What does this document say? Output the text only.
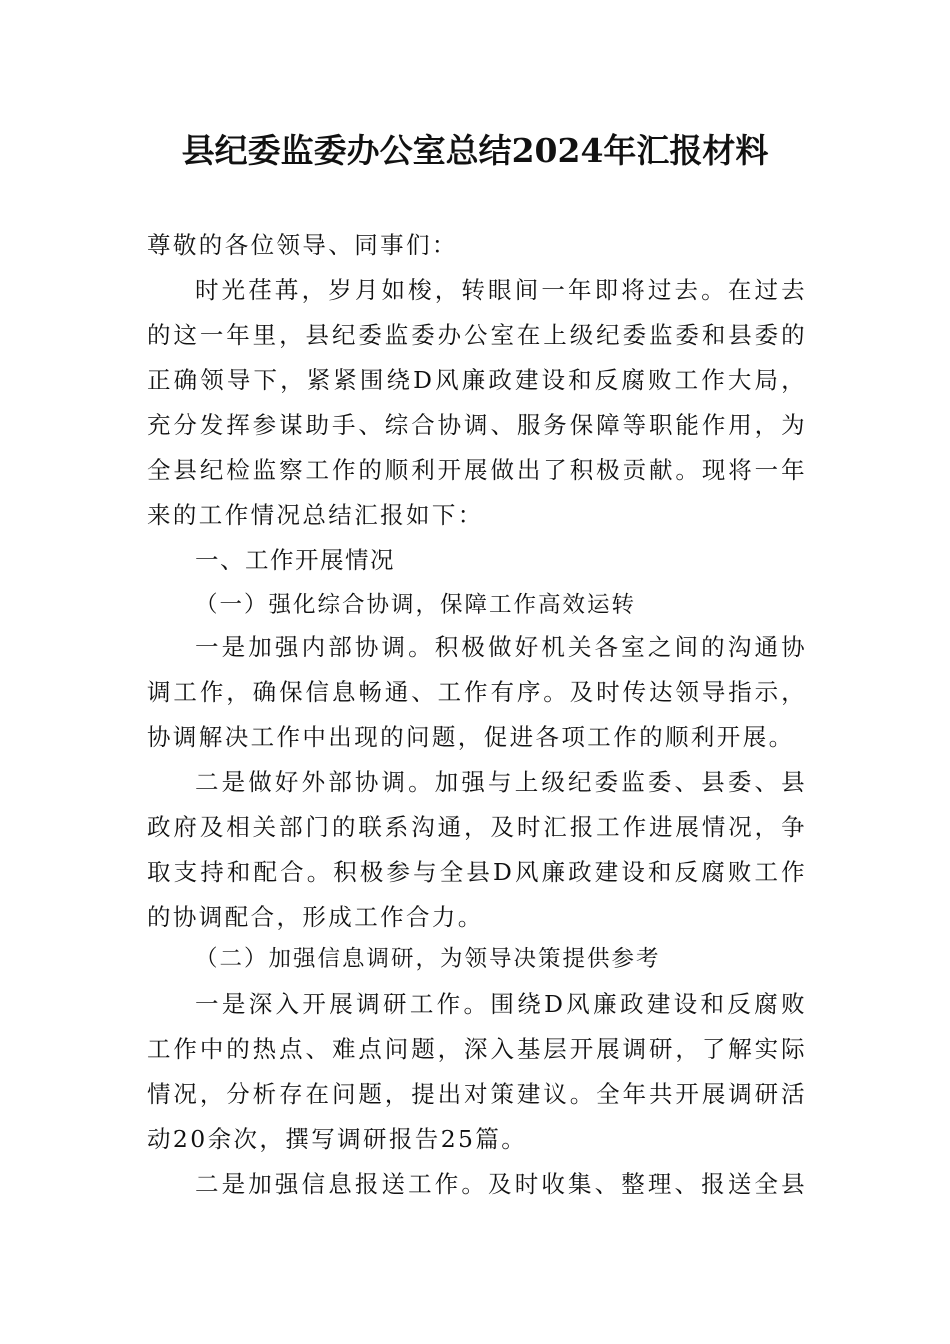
县纪委监委办公室总结2024年汇报材料
尊敬的各位领导、同事们：
时光荏苒，岁月如梭，转眼间一年即将过去。在过去
的这一年里，县纪委监委办公室在上级纪委监委和县委的
正确领导下，紧紧围绕D风廉政建设和反腐败工作大局，
充分发挥参谋助手、综合协调、服务保障等职能作用，为
全县纪检监察工作的顺利开展做出了积极贡献。现将一年
来的工作情况总结汇报如下：
一、工作开展情况
（一）强化综合协调，保障工作高效运转
一是加强内部协调。积极做好机关各室之间的沟通协
调工作，确保信息畅通、工作有序。及时传达领导指示，
协调解决工作中出现的问题，促进各项工作的顺利开展。
二是做好外部协调。加强与上级纪委监委、县委、县
政府及相关部门的联系沟通，及时汇报工作进展情况，争
取支持和配合。积极参与全县D风廉政建设和反腐败工作
的协调配合，形成工作合力。
（二）加强信息调研，为领导决策提供参考
一是深入开展调研工作。围绕D风廉政建设和反腐败
工作中的热点、难点问题，深入基层开展调研，了解实际
情况，分析存在问题，提出对策建议。全年共开展调研活
动20余次，撰写调研报告25篇。
二是加强信息报送工作。及时收集、整理、报送全县
